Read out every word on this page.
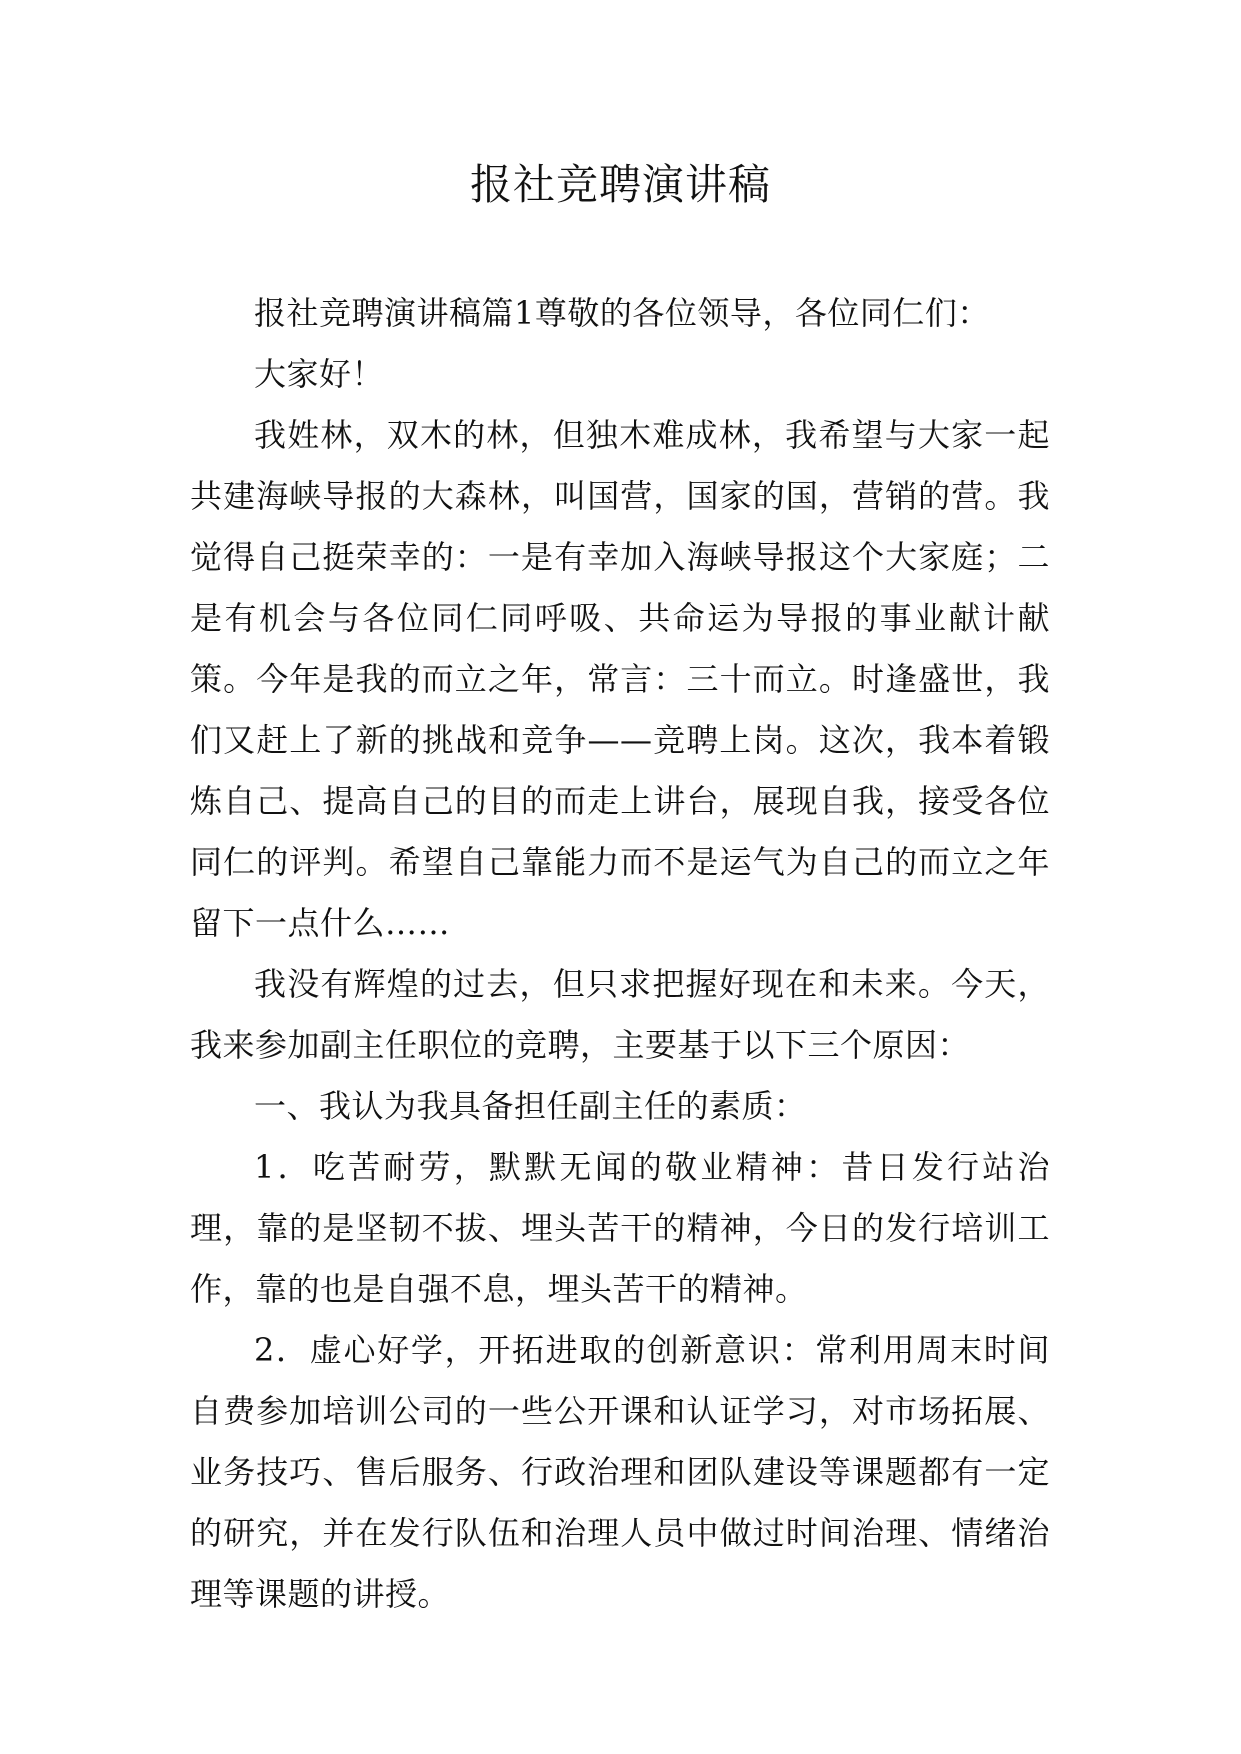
报社竞聘演讲稿

报社竞聘演讲稿篇1尊敬的各位领导，各位同仁们：

大家好！

我姓林，双木的林，但独木难成林，我希望与大家一起共建海峡导报的大森林，叫国营，国家的国，营销的营。我觉得自己挺荣幸的：一是有幸加入海峡导报这个大家庭；二是有机会与各位同仁同呼吸、共命运为导报的事业献计献策。今年是我的而立之年，常言：三十而立。时逢盛世，我们又赶上了新的挑战和竞争——竞聘上岗。这次，我本着锻炼自己、提高自己的目的而走上讲台，展现自我，接受各位同仁的评判。希望自己靠能力而不是运气为自己的而立之年留下一点什么……

我没有辉煌的过去，但只求把握好现在和未来。今天，我来参加副主任职位的竞聘，主要基于以下三个原因：

一、我认为我具备担任副主任的素质：

1．吃苦耐劳，默默无闻的敬业精神：昔日发行站治理，靠的是坚韧不拔、埋头苦干的精神，今日的发行培训工作，靠的也是自强不息，埋头苦干的精神。

2．虚心好学，开拓进取的创新意识：常利用周末时间自费参加培训公司的一些公开课和认证学习，对市场拓展、业务技巧、售后服务、行政治理和团队建设等课题都有一定的研究，并在发行队伍和治理人员中做过时间治理、情绪治理等课题的讲授。
